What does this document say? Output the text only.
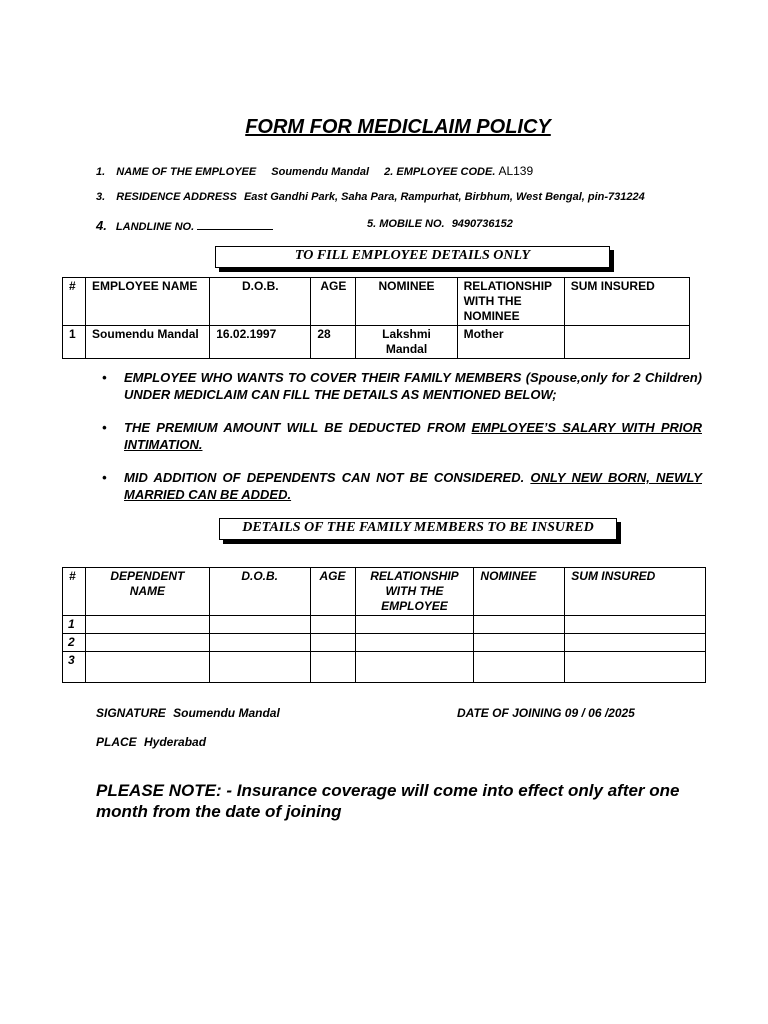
FORM FOR MEDICLAIM POLICY
1. NAME OF THE EMPLOYEE Soumendu Mandal 2. EMPLOYEE CODE. AL139
3. RESIDENCE ADDRESS East Gandhi Park, Saha Para, Rampurhat, Birbhum, West Bengal, pin-731224
4. LANDLINE NO.	5. MOBILE NO. 9490736152
TO FILL EMPLOYEE DETAILS ONLY
#	EMPLOYEE NAME	D.O.B.	AGE	NOMINEE	RELATIONSHIP WITH THE NOMINEE	SUM INSURED
1	Soumendu Mandal	16.02.1997	28	Lakshmi Mandal	Mother	
• EMPLOYEE WHO WANTS TO COVER THEIR FAMILY MEMBERS (Spouse,only for 2 Children) UNDER MEDICLAIM CAN FILL THE DETAILS AS MENTIONED BELOW;
• THE PREMIUM AMOUNT WILL BE DEDUCTED FROM EMPLOYEE’S SALARY WITH PRIOR INTIMATION.
• MID ADDITION OF DEPENDENTS CAN NOT BE CONSIDERED. ONLY NEW BORN, NEWLY MARRIED CAN BE ADDED.
DETAILS OF THE FAMILY MEMBERS TO BE INSURED
#	DEPENDENT NAME	D.O.B.	AGE	RELATIONSHIP WITH THE EMPLOYEE	NOMINEE	SUM INSURED
1						
2						
3						
SIGNATURE Soumendu Mandal	DATE OF JOINING 09 / 06 /2025
PLACE Hyderabad
PLEASE NOTE: - Insurance coverage will come into effect only after one month from the date of joining
